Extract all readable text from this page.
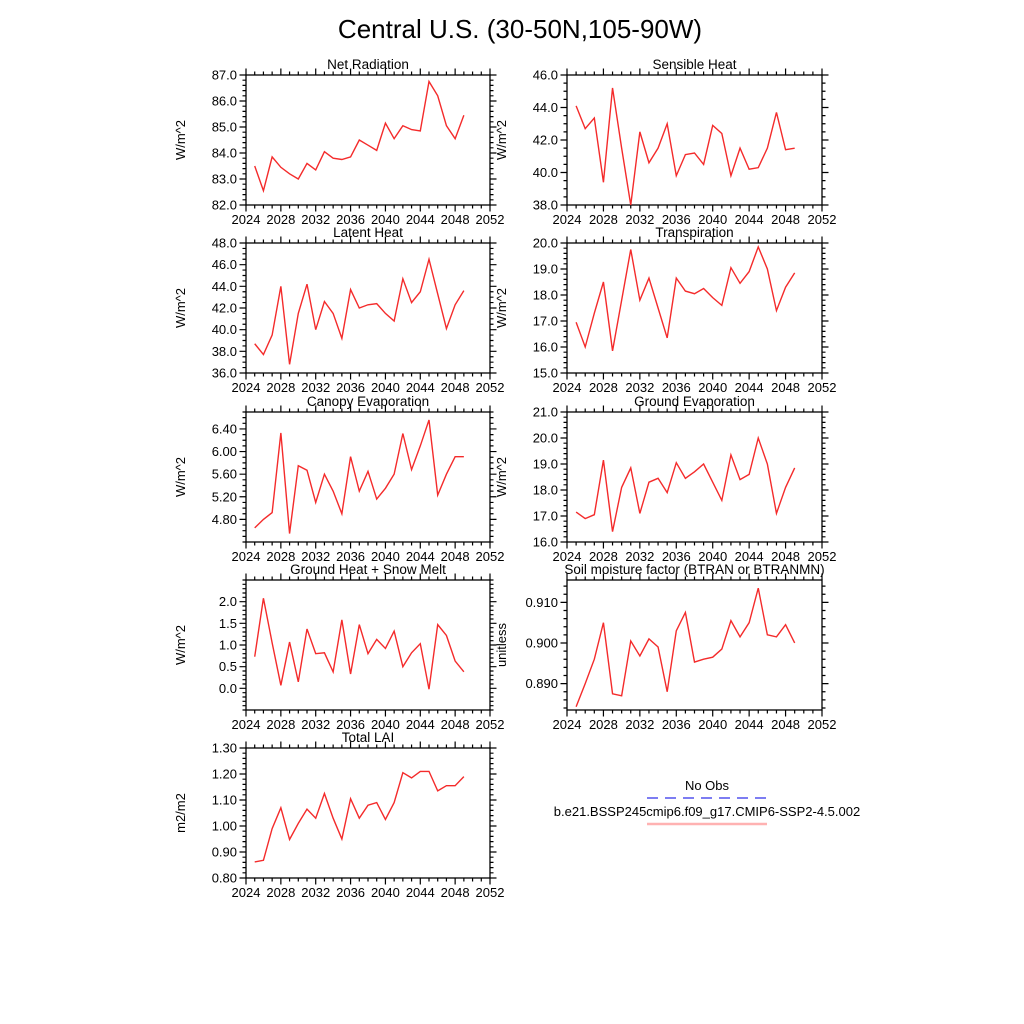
Central U.S. (30-50N,105-90W)
2024 2028 2032 2036 2040 2044 2048 2052
82.0
83.0
84.0
85.0
86.0
87.0
Net Radiation
W/m^2
2024 2028 2032 2036 2040 2044 2048 2052
38.0
40.0
42.0
44.0
46.0
Sensible Heat
W/m^2
2024 2028 2032 2036 2040 2044 2048 2052
36.0
38.0
40.0
42.0
44.0
46.0
48.0
Latent Heat
W/m^2
2024 2028 2032 2036 2040 2044 2048 2052
15.0
16.0
17.0
18.0
19.0
20.0
Transpiration
W/m^2
2024 2028 2032 2036 2040 2044 2048 2052
4.80
5.20
5.60
6.00
6.40
Canopy Evaporation
W/m^2
2024 2028 2032 2036 2040 2044 2048 2052
16.0
17.0
18.0
19.0
20.0
21.0
Ground Evaporation
W/m^2
2024 2028 2032 2036 2040 2044 2048 2052
0.0
0.5
1.0
1.5
2.0
Ground Heat + Snow Melt
W/m^2
2024 2028 2032 2036 2040 2044 2048 2052
0.890
0.900
0.910
Soil moisture factor (BTRAN or BTRANMN)
unitless
2024 2028 2032 2036 2040 2044 2048 2052
0.80
0.90
1.00
1.10
1.20
1.30
Total LAI
m2/m2
No Obs
b.e21.BSSP245cmip6.f09_g17.CMIP6-SSP2-4.5.002
